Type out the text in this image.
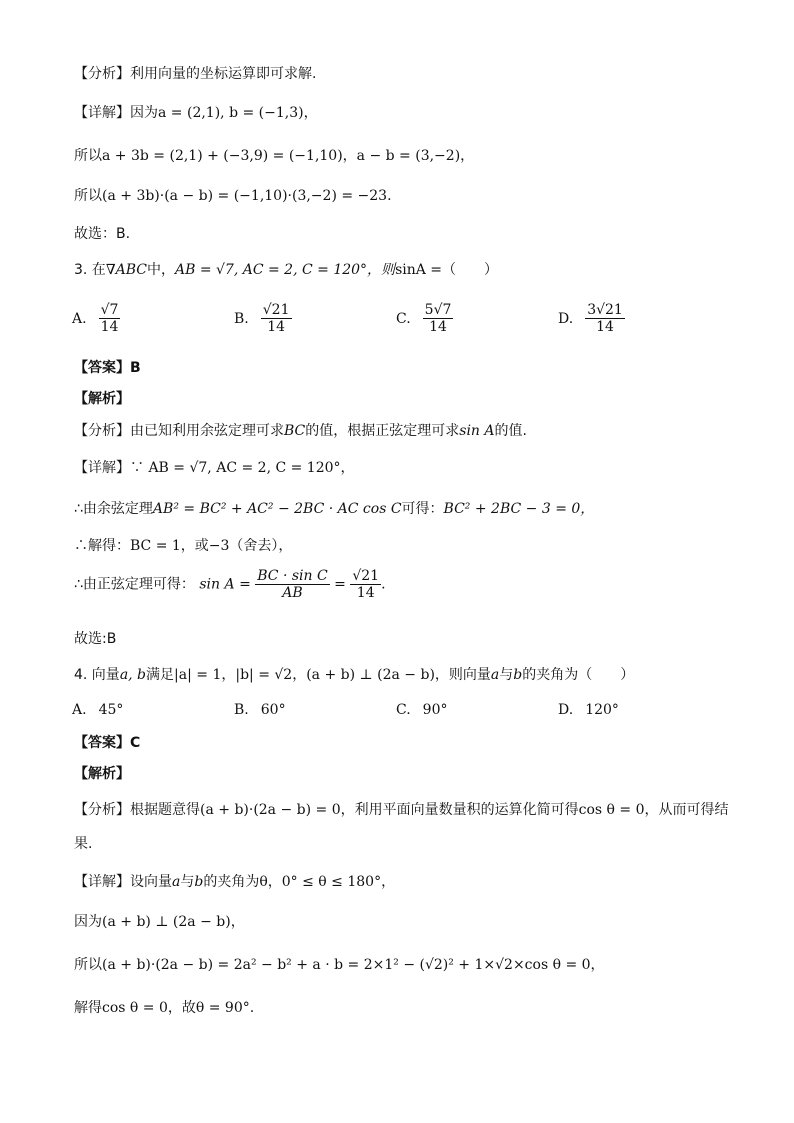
【分析】利用向量的坐标运算即可求解.
【详解】因为a = (2,1), b = (−1,3)，
所以a + 3b = (2,1) + (−3,9) = (−1,10)，a − b = (3,−2)，
所以(a + 3b)·(a − b) = (−1,10)·(3,−2) = −23.
故选：B.
3. 在∇ABC中，AB = √7, AC = 2, C = 120°，则sinA =（　　）
A. $\frac{√7}{14}$	B. $\frac{√21}{14}$	C. $\frac{5√7}{14}$	D. $\frac{3√21}{14}$
【答案】B
【解析】
【分析】由已知利用余弦定理可求BC的值，根据正弦定理可求sin A的值.
【详解】∵ AB = √7, AC = 2, C = 120°，
∴由余弦定理AB² = BC² + AC² − 2BC · AC cos C可得：BC² + 2BC − 3 = 0，
∴解得：BC = 1，或−3（舍去），
∴由正弦定理可得： $\sin A = \frac{\text{BC · sin C}}{AB} = \frac{√21}{14}$ .
故选:B
4. 向量a, b满足|a| = 1，|b| = √2，(a + b) ⊥ (2a − b)，则向量a与b的夹角为（　　）
A. 45°	B. 60°	C. 90°	D. 120°
【答案】C
【解析】
【分析】根据题意得(a + b)·(2a − b) = 0，利用平面向量数量积的运算化简可得cos θ = 0，从而可得结
果.
【详解】设向量a与b的夹角为θ，0° ≤ θ ≤ 180°，
因为(a + b) ⊥ (2a − b)，
所以(a + b)·(2a − b) = 2a² − b² + a · b = 2×1² − (√2)² + 1×√2×cos θ = 0，
解得cos θ = 0，故θ = 90°.
